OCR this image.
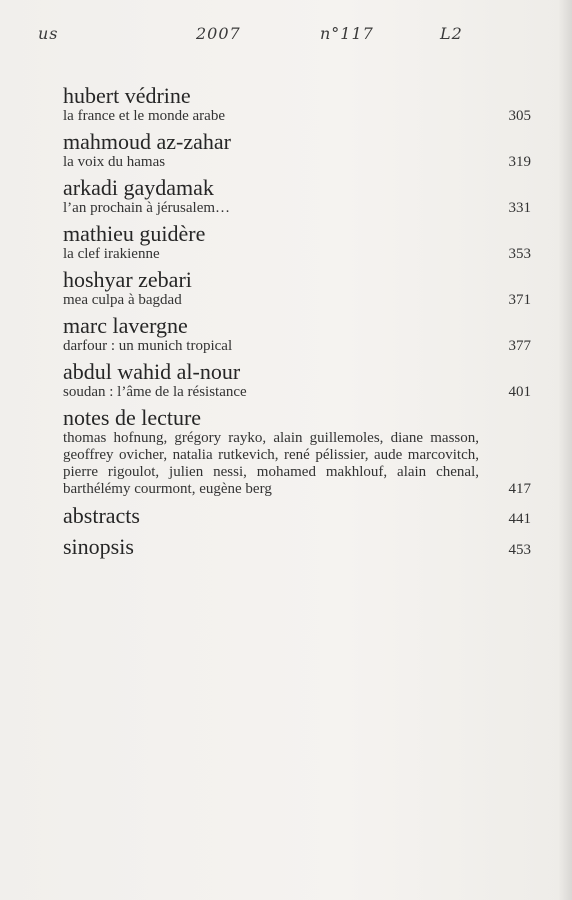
us	2007	n°117	L2
hubert védrine
la france et le monde arabe	305
mahmoud az-zahar
la voix du hamas	319
arkadi gaydamak
l’an prochain à jérusalem…	331
mathieu guidère
la clef irakienne	353
hoshyar zebari
mea culpa à bagdad	371
marc lavergne
darfour : un munich tropical	377
abdul wahid al-nour
soudan : l’âme de la résistance	401
notes de lecture
thomas hofnung, grégory rayko, alain guillemoles, diane masson, geoffrey ovicher, natalia rutkevich, rené pélissier, aude marcovitch, pierre rigoulot, julien nessi, mohamed makhlouf, alain chenal, barthélémy courmont, eugène berg	417
abstracts	441
sinopsis	453
